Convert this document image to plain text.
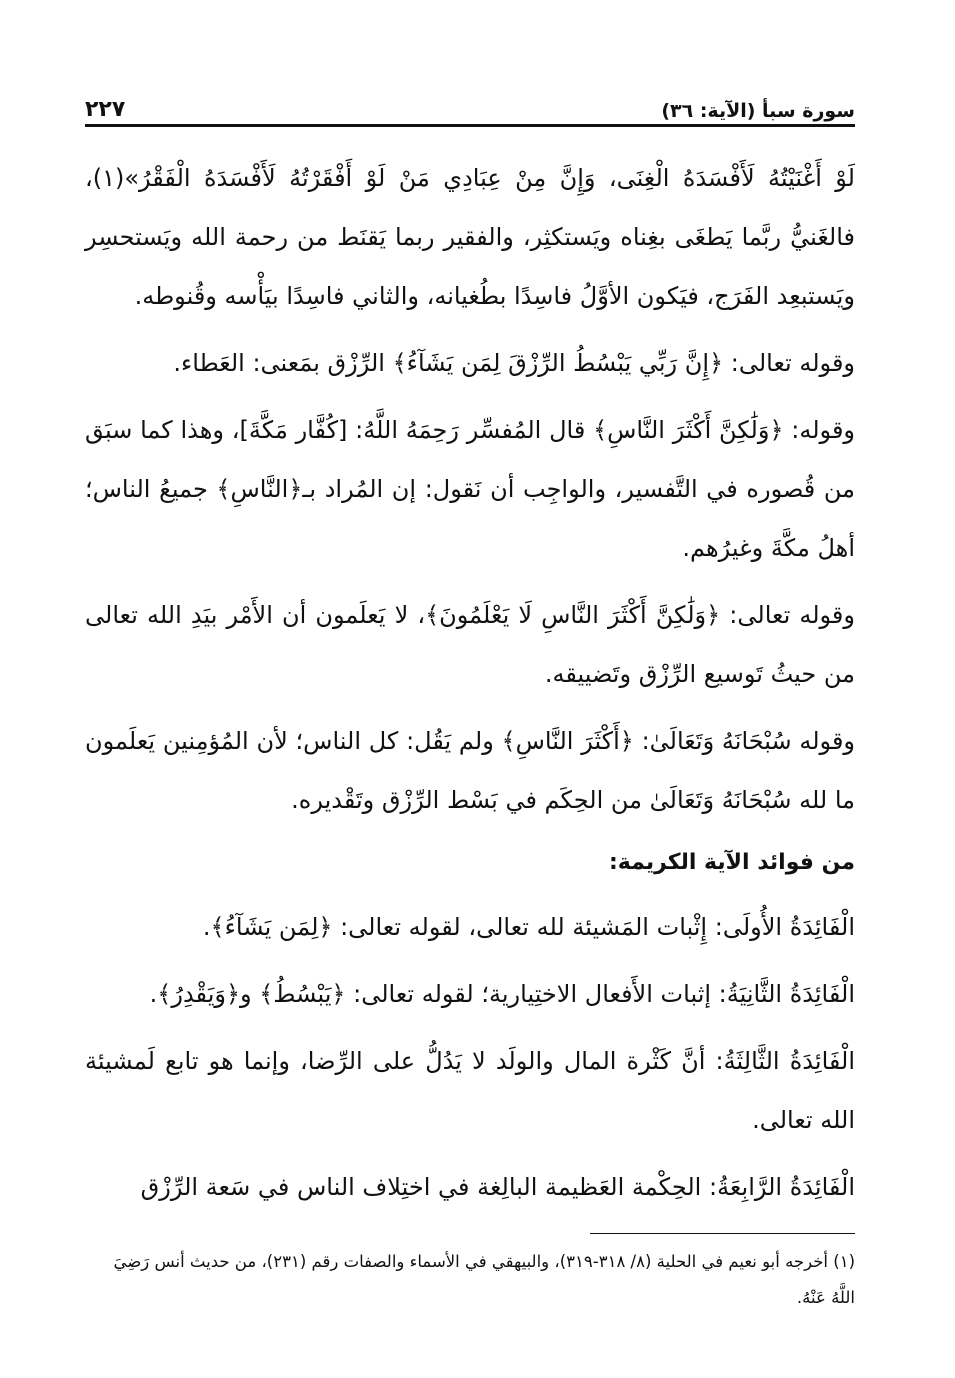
سورة سبأ (الآية: ٣٦)
٢٢٧

لَوْ أَغْنَيْتُهُ لَأَفْسَدَهُ الْغِنَى، وَإِنَّ مِنْ عِبَادِي مَنْ لَوْ أَفْقَرْتُهُ لَأَفْسَدَهُ الْفَقْرُ»(١)، فالغَنيُّ ربَّما يَطغَى بغِناه ويَستكثِر، والفقير ربما يَقنَط من رحمة الله ويَستحسِر ويَستبعِد الفَرَج، فيَكون الأوَّلُ فاسِدًا بطُغيانه، والثاني فاسِدًا بيَأْسه وقُنوطه.

وقوله تعالى: ﴿إِنَّ رَبِّي يَبْسُطُ الرِّزْقَ لِمَن يَشَآءُ﴾ الرِّزْق بمَعنى: العَطاء.

وقوله: ﴿وَلَٰكِنَّ أَكْثَرَ النَّاسِ﴾ قال المُفسِّر رَحِمَهُ اللَّهُ: [كُفَّار مَكَّةَ]، وهذا كما سبَق من قُصوره في التَّفسير، والواجِب أن نَقول: إن المُراد بـ﴿النَّاسِ﴾ جميعُ الناس؛ أهلُ مكَّةَ وغيرُهم.

وقوله تعالى: ﴿وَلَٰكِنَّ أَكْثَرَ النَّاسِ لَا يَعْلَمُونَ﴾، لا يَعلَمون أن الأَمْر بيَدِ الله تعالى من حيثُ تَوسيع الرِّزْق وتَضييقه.

وقوله سُبْحَانَهُ وَتَعَالَىٰ: ﴿أَكْثَرَ النَّاسِ﴾ ولم يَقُل: كل الناس؛ لأن المُؤمِنين يَعلَمون ما لله سُبْحَانَهُ وَتَعَالَىٰ من الحِكَم في بَسْط الرِّزْق وتَقْديره.

من فوائد الآية الكريمة:

الْفَائِدَةُ الأُولَى: إِثْبات المَشيئة لله تعالى، لقوله تعالى: ﴿لِمَن يَشَآءُ﴾.

الْفَائِدَةُ الثَّانِيَةُ: إثبات الأَفعال الاختِيارية؛ لقوله تعالى: ﴿يَبْسُطُ﴾ و﴿وَيَقْدِرُ﴾.

الْفَائِدَةُ الثَّالِثَةُ: أنَّ كَثْرة المال والولَد لا يَدُلُّ على الرِّضا، وإنما هو تابع لَمشيئة الله تعالى.

الْفَائِدَةُ الرَّابِعَةُ: الحِكْمة العَظيمة البالِغة في اختِلاف الناس في سَعة الرِّزْق

(١) أخرجه أبو نعيم في الحلية (٨/ ٣١٨-٣١٩)، والبيهقي في الأسماء والصفات رقم (٢٣١)، من حديث أنس رَضِيَ اللَّهُ عَنْهُ.
